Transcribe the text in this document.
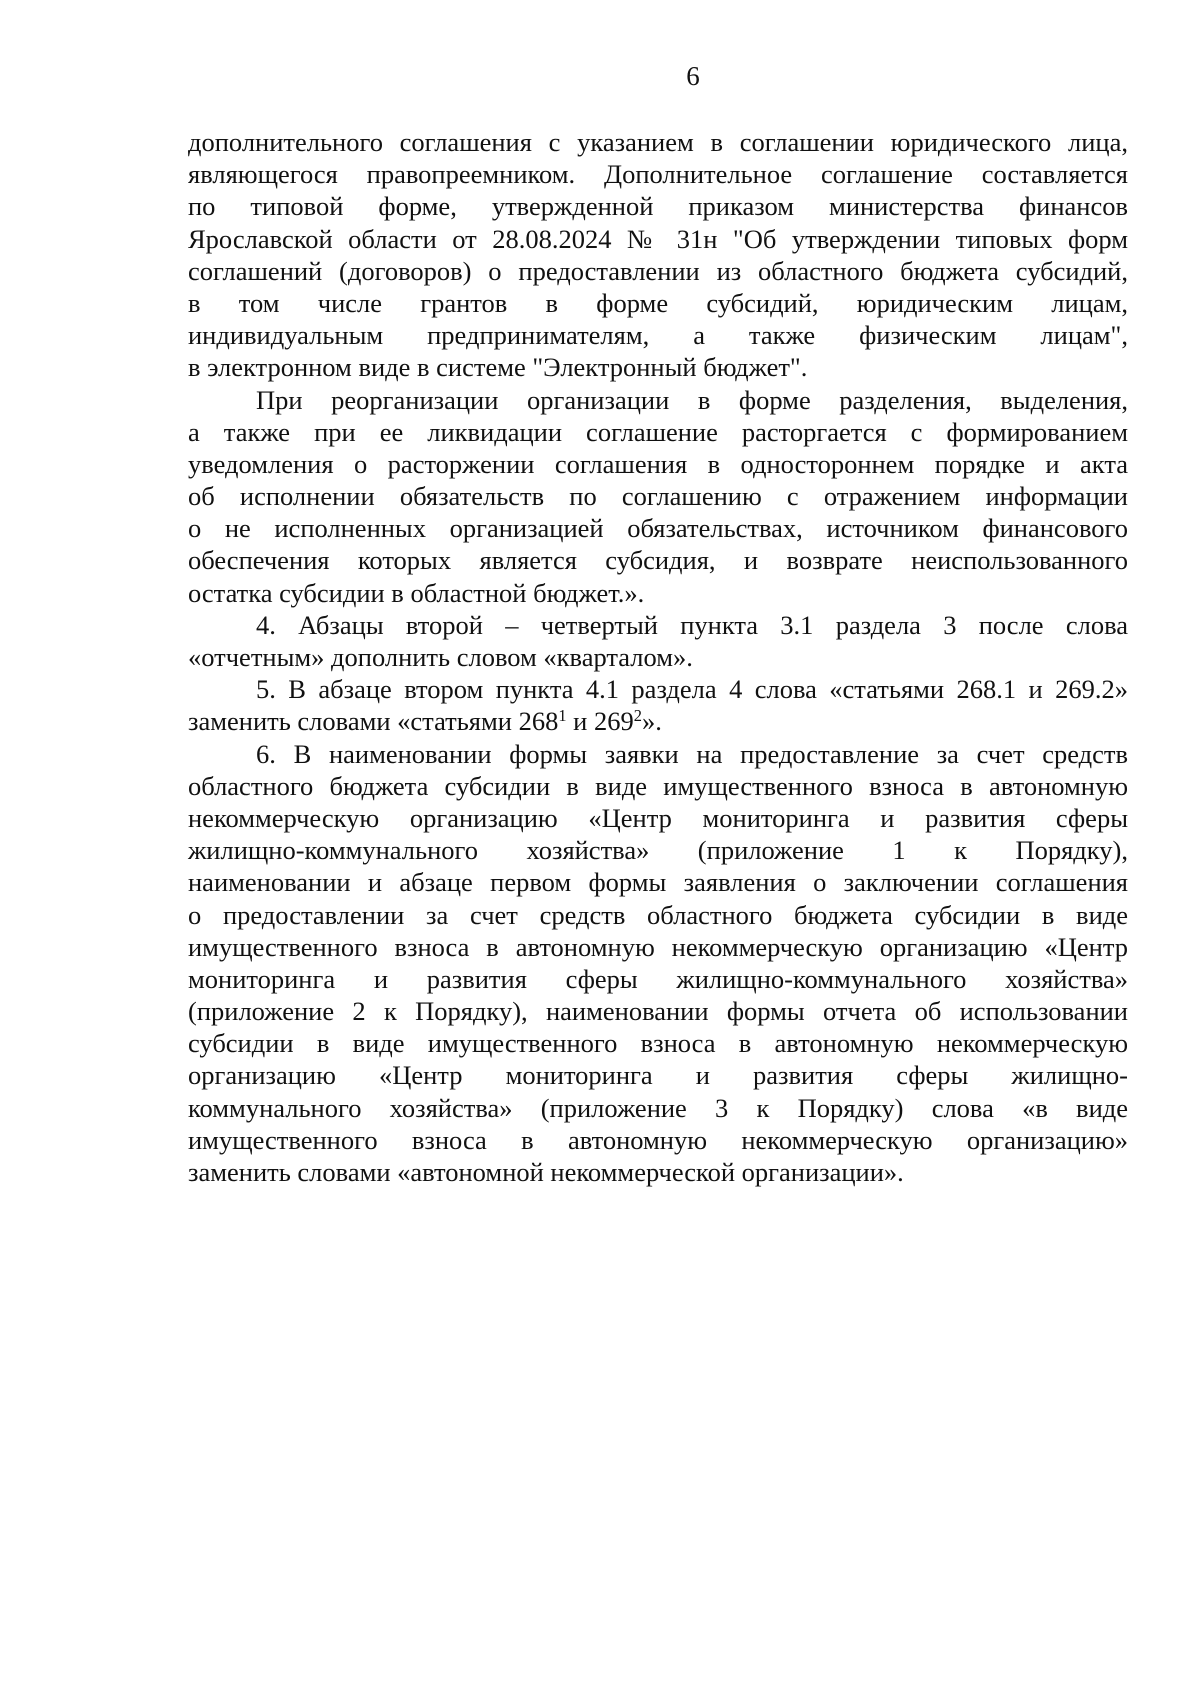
6
дополнительного соглашения с указанием в соглашении юридического лица,
являющегося правопреемником. Дополнительное соглашение составляется
по типовой форме, утвержденной приказом министерства финансов
Ярославской области от 28.08.2024 № 31н "Об утверждении типовых форм
соглашений (договоров) о предоставлении из областного бюджета субсидий,
в том числе грантов в форме субсидий, юридическим лицам,
индивидуальным предпринимателям, а также физическим лицам",
в электронном виде в системе "Электронный бюджет".
При реорганизации организации в форме разделения, выделения,
а также при ее ликвидации соглашение расторгается с формированием
уведомления о расторжении соглашения в одностороннем порядке и акта
об исполнении обязательств по соглашению с отражением информации
о не исполненных организацией обязательствах, источником финансового
обеспечения которых является субсидия, и возврате неиспользованного
остатка субсидии в областной бюджет.».
4. Абзацы второй – четвертый пункта 3.1 раздела 3 после слова
«отчетным» дополнить словом «кварталом».
5. В абзаце втором пункта 4.1 раздела 4 слова «статьями 268.1 и 269.2»
заменить словами «статьями $268^1$ и $269^2$».
6. В наименовании формы заявки на предоставление за счет средств
областного бюджета субсидии в виде имущественного взноса в автономную
некоммерческую организацию «Центр мониторинга и развития сферы
жилищно-коммунального хозяйства» (приложение 1 к Порядку),
наименовании и абзаце первом формы заявления о заключении соглашения
о предоставлении за счет средств областного бюджета субсидии в виде
имущественного взноса в автономную некоммерческую организацию «Центр
мониторинга и развития сферы жилищно-коммунального хозяйства»
(приложение 2 к Порядку), наименовании формы отчета об использовании
субсидии в виде имущественного взноса в автономную некоммерческую
организацию «Центр мониторинга и развития сферы жилищно-
коммунального хозяйства» (приложение 3 к Порядку) слова «в виде
имущественного взноса в автономную некоммерческую организацию»
заменить словами «автономной некоммерческой организации».
